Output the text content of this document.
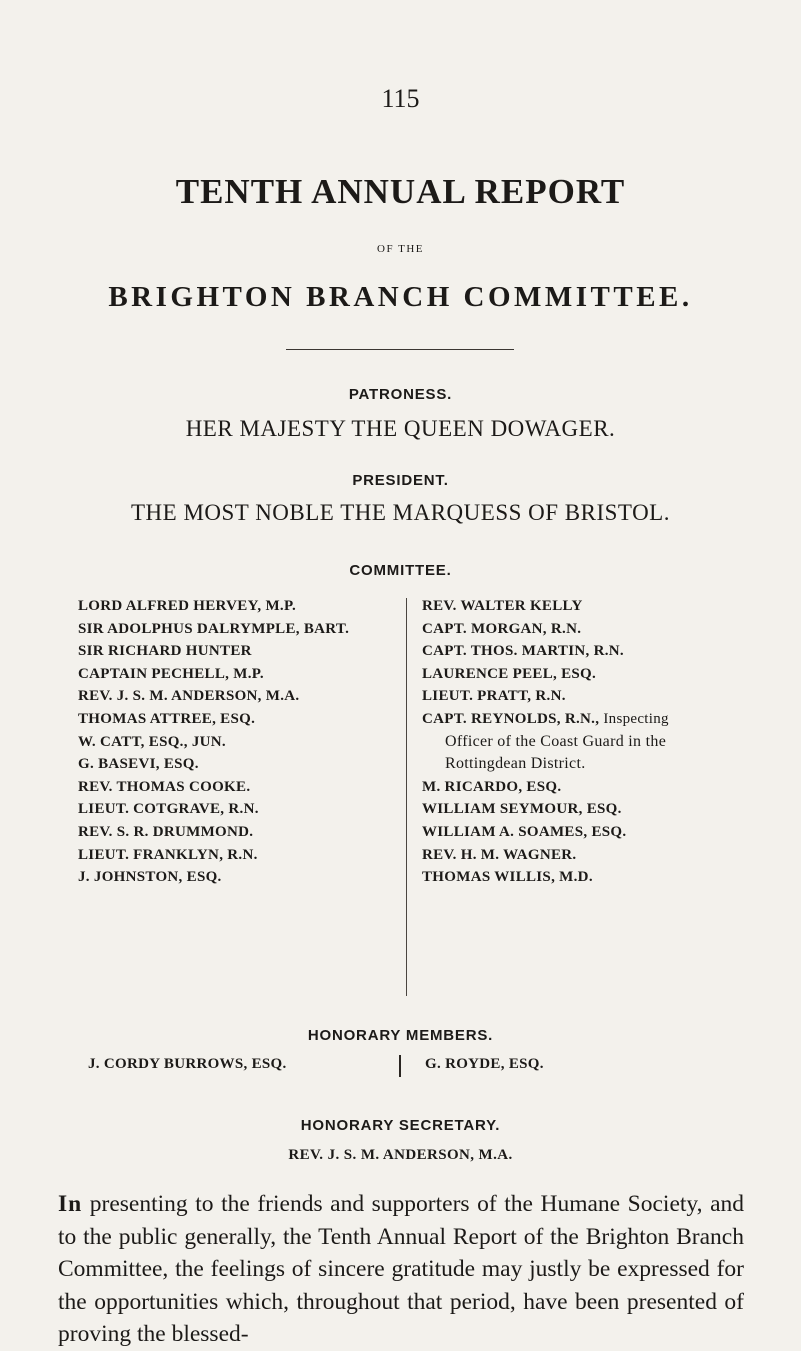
115
TENTH ANNUAL REPORT
OF THE
BRIGHTON BRANCH COMMITTEE.
PATRONESS.
HER MAJESTY THE QUEEN DOWAGER.
PRESIDENT.
THE MOST NOBLE THE MARQUESS OF BRISTOL.
COMMITTEE.
LORD ALFRED HERVEY, M.P.
SIR ADOLPHUS DALRYMPLE, BART.
SIR RICHARD HUNTER
CAPTAIN PECHELL, M.P.
REV. J. S. M. ANDERSON, M.A.
THOMAS ATTREE, ESQ.
W. CATT, ESQ., JUN.
G. BASEVI, ESQ.
REV. THOMAS COOKE.
LIEUT. COTGRAVE, R.N.
REV. S. R. DRUMMOND.
LIEUT. FRANKLYN, R.N.
J. JOHNSTON, ESQ.
REV. WALTER KELLY
CAPT. MORGAN, R.N.
CAPT. THOS. MARTIN, R.N.
LAURENCE PEEL, ESQ.
LIEUT. PRATT, R.N.
CAPT. REYNOLDS, R.N., Inspecting
Officer of the Coast Guard in the
Rottingdean District.
M. RICARDO, ESQ.
WILLIAM SEYMOUR, ESQ.
WILLIAM A. SOAMES, ESQ.
REV. H. M. WAGNER.
THOMAS WILLIS, M.D.
HONORARY MEMBERS.
J. CORDY BURROWS, ESQ.	G. ROYDE, ESQ.
HONORARY SECRETARY.
REV. J. S. M. ANDERSON, M.A.
In presenting to the friends and supporters of the Humane Society, and to the public generally, the Tenth Annual Report of the Brighton Branch Committee, the feelings of sincere gratitude may justly be expressed for the opportunities which, throughout that period, have been presented of proving the blessed-
